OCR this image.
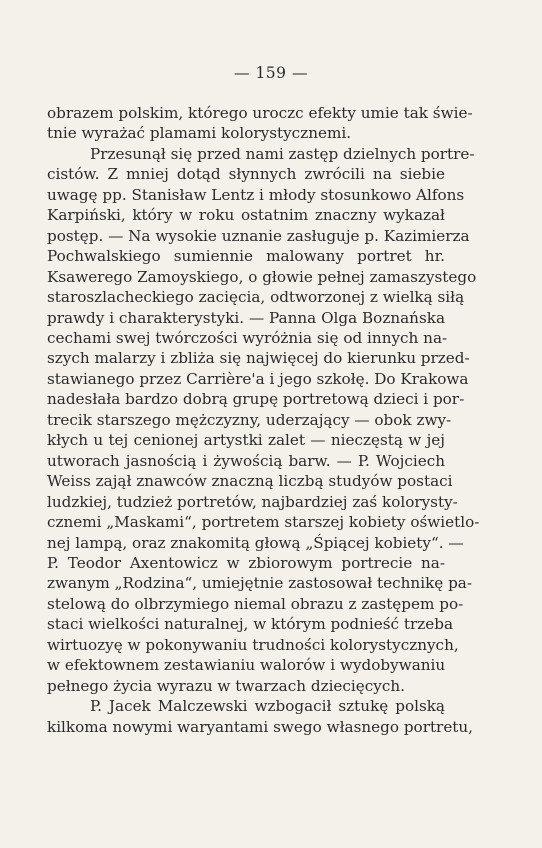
— 159 —
obrazem polskim, którego uroczc efekty umie tak świe-
tnie wyrażać plamami kolorystycznemi.
Przesunął się przed nami zastęp dzielnych portre-
cistów. Z mniej dotąd słynnych zwrócili na siebie
uwagę pp. Stanisław Lentz i młody stosunkowo Alfons
Karpiński, który w roku ostatnim znaczny wykazał
postęp. — Na wysokie uznanie zasługuje p. Kazimierza
Pochwalskiego sumiennie malowany portret hr.
Ksawerego Zamoyskiego, o głowie pełnej zamaszystego
staroszlacheckiego zacięcia, odtworzonej z wielką siłą
prawdy i charakterystyki. — Panna Olga Boznańska
cechami swej twórczości wyróżnia się od innych na-
szych malarzy i zbliża się najwięcej do kierunku przed-
stawianego przez Carrière'a i jego szkołę. Do Krakowa
nadesłała bardzo dobrą grupę portretową dzieci i por-
trecik starszego mężczyzny, uderzający — obok zwy-
kłych u tej cenionej artystki zalet — nieczęstą w jej
utworach jasnością i żywością barw. — P. Wojciech
Weiss zajął znawców znaczną liczbą studyów postaci
ludzkiej, tudzież portretów, najbardziej zaś kolorysty-
cznemi „Maskami“, portretem starszej kobiety oświetlo-
nej lampą, oraz znakomitą głową „Śpiącej kobiety“. —
P. Teodor Axentowicz w zbiorowym portrecie na-
zwanym „Rodzina“, umiejętnie zastosował technikę pa-
stelową do olbrzymiego niemal obrazu z zastępem po-
staci wielkości naturalnej, w którym podnieść trzeba
wirtuozyę w pokonywaniu trudności kolorystycznych,
w efektownem zestawianiu walorów i wydobywaniu
pełnego życia wyrazu w twarzach dziecięcych.
P. Jacek Malczewski wzbogacił sztukę polską
kilkoma nowymi waryantami swego własnego portretu,
